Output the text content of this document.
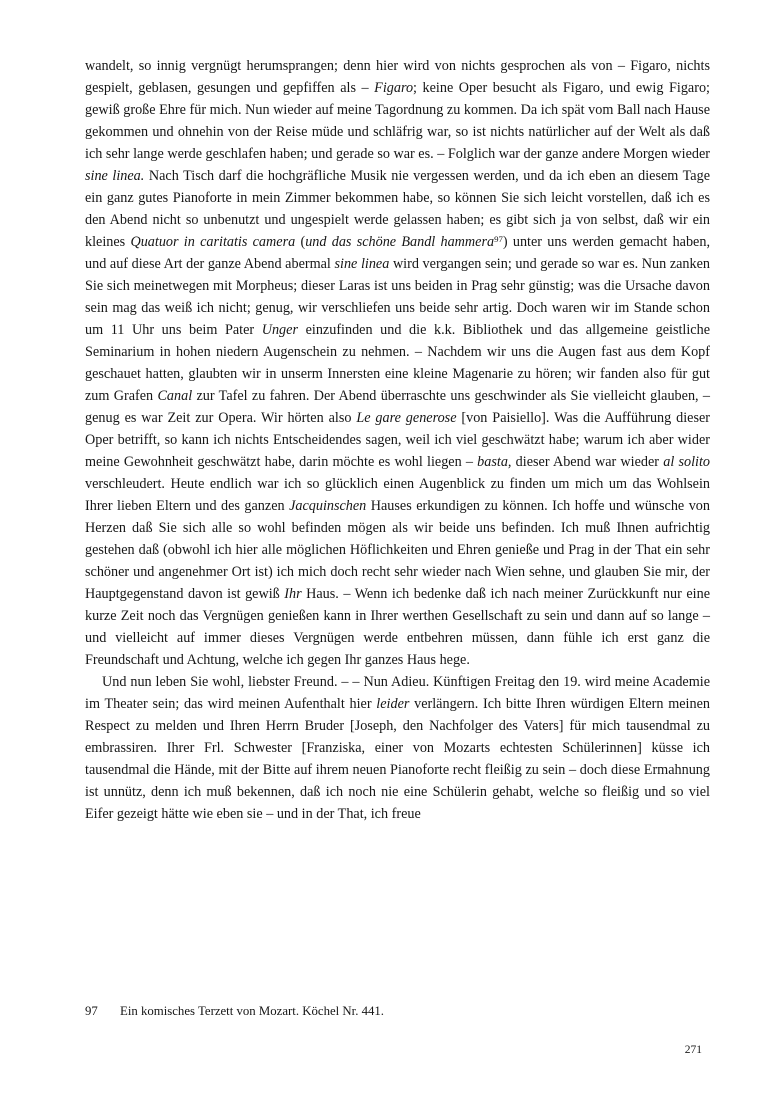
wandelt, so innig vergnügt herumsprangen; denn hier wird von nichts gesprochen als von – Figaro, nichts gespielt, geblasen, gesungen und gepfiffen als – Figaro; keine Oper besucht als Figaro, und ewig Figaro; gewiß große Ehre für mich. Nun wieder auf meine Tagordnung zu kommen. Da ich spät vom Ball nach Hause gekommen und ohnehin von der Reise müde und schläfrig war, so ist nichts natürlicher auf der Welt als daß ich sehr lange werde geschlafen haben; und gerade so war es. – Folglich war der ganze andere Morgen wieder sine linea. Nach Tisch darf die hochgräfliche Musik nie vergessen werden, und da ich eben an diesem Tage ein ganz gutes Pianoforte in mein Zimmer bekommen habe, so können Sie sich leicht vorstellen, daß ich es den Abend nicht so unbenutzt und ungespielt werde gelassen haben; es gibt sich ja von selbst, daß wir ein kleines Quatuor in caritatis camera (und das schöne Bandl hammera$^{97}$) unter uns werden gemacht haben, und auf diese Art der ganze Abend abermal sine linea wird vergangen sein; und gerade so war es. Nun zanken Sie sich meinetwegen mit Morpheus; dieser Laras ist uns beiden in Prag sehr günstig; was die Ursache davon sein mag das weiß ich nicht; genug, wir verschliefen uns beide sehr artig. Doch waren wir im Stande schon um 11 Uhr uns beim Pater Unger einzufinden und die k.k. Bibliothek und das allgemeine geistliche Seminarium in hohen niedern Augenschein zu nehmen. – Nachdem wir uns die Augen fast aus dem Kopf geschauet hatten, glaubten wir in unserm Innersten eine kleine Magenarie zu hören; wir fanden also für gut zum Grafen Canal zur Tafel zu fahren. Der Abend überraschte uns geschwinder als Sie vielleicht glauben, – genug es war Zeit zur Opera. Wir hörten also Le gare generose [von Paisiello]. Was die Aufführung dieser Oper betrifft, so kann ich nichts Entscheidendes sagen, weil ich viel geschwätzt habe; warum ich aber wider meine Gewohnheit geschwätzt habe, darin möchte es wohl liegen – basta, dieser Abend war wieder al solito verschleudert. Heute endlich war ich so glücklich einen Augenblick zu finden um mich um das Wohlsein Ihrer lieben Eltern und des ganzen Jacquinschen Hauses erkundigen zu können. Ich hoffe und wünsche von Herzen daß Sie sich alle so wohl befinden mögen als wir beide uns befinden. Ich muß Ihnen aufrichtig gestehen daß (obwohl ich hier alle möglichen Höflichkeiten und Ehren genieße und Prag in der That ein sehr schöner und angenehmer Ort ist) ich mich doch recht sehr wieder nach Wien sehne, und glauben Sie mir, der Hauptgegenstand davon ist gewiß Ihr Haus. – Wenn ich bedenke daß ich nach meiner Zurückkunft nur eine kurze Zeit noch das Vergnügen genießen kann in Ihrer werthen Gesellschaft zu sein und dann auf so lange – und vielleicht auf immer dieses Vergnügen werde entbehren müssen, dann fühle ich erst ganz die Freundschaft und Achtung, welche ich gegen Ihr ganzes Haus hege.

Und nun leben Sie wohl, liebster Freund. – – Nun Adieu. Künftigen Freitag den 19. wird meine Academie im Theater sein; das wird meinen Aufenthalt hier leider verlängern. Ich bitte Ihren würdigen Eltern meinen Respect zu melden und Ihren Herrn Bruder [Joseph, den Nachfolger des Vaters] für mich tausendmal zu embrassiren. Ihrer Frl. Schwester [Franziska, einer von Mozarts echtesten Schülerinnen] küsse ich tausendmal die Hände, mit der Bitte auf ihrem neuen Pianoforte recht fleißig zu sein – doch diese Ermahnung ist unnütz, denn ich muß bekennen, daß ich noch nie eine Schülerin gehabt, welche so fleißig und so viel Eifer gezeigt hätte wie eben sie – und in der That, ich freue

97	Ein komisches Terzett von Mozart. Köchel Nr. 441.
271
